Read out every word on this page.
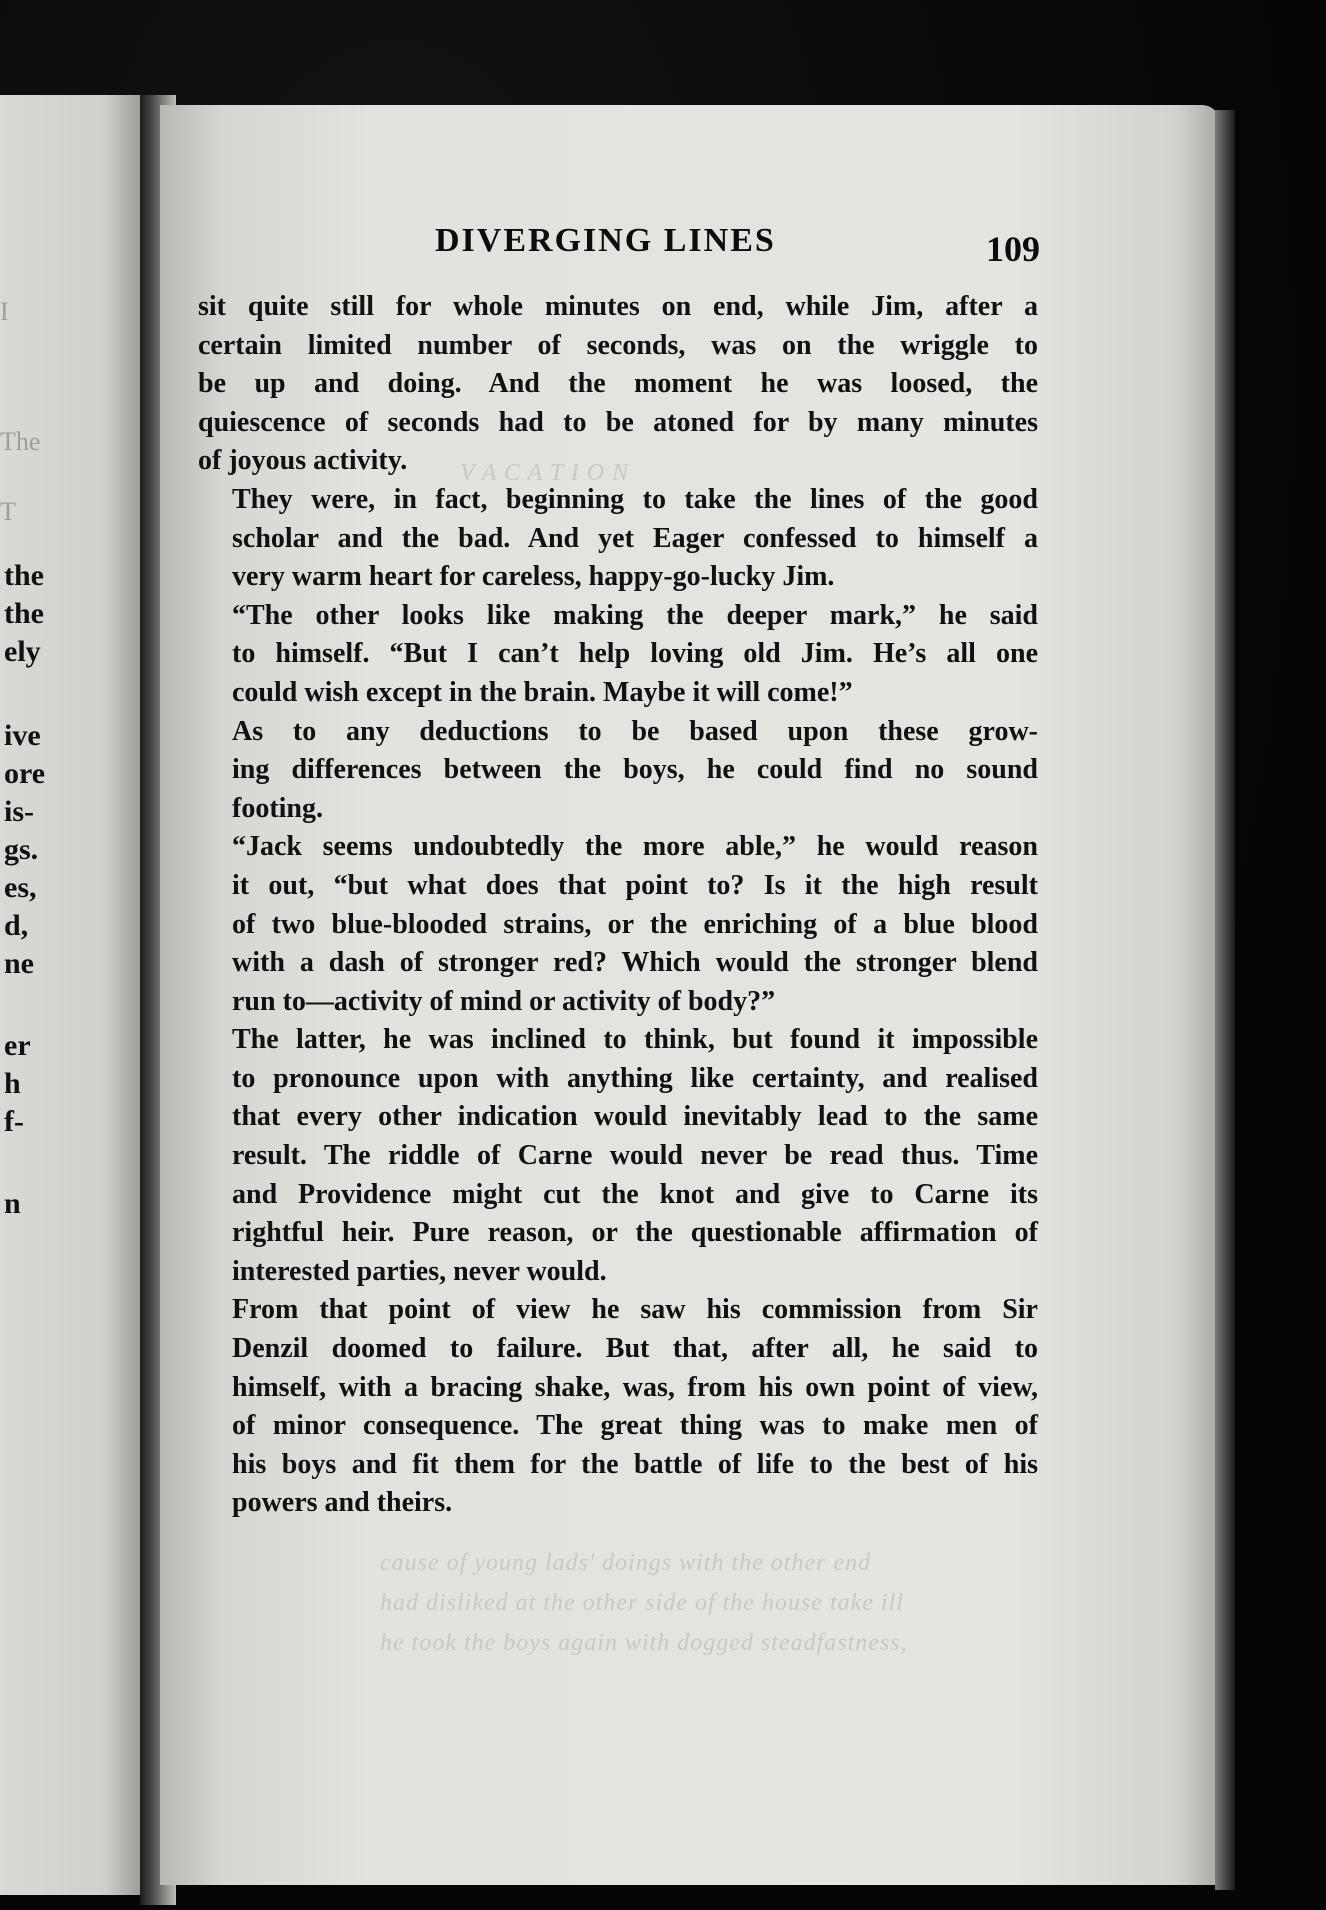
I
The
T
the
the
ely
ive
ore
is-
gs.
es,
d,
ne
er
h
f-
n
V A C A T I O N
cause of young lads' doings with the other end
had disliked at the other side of the house take ill
he took the boys again with dogged steadfastness,
DIVERGING LINES	109

sit quite still for whole minutes on end, while Jim, after a
certain limited number of seconds, was on the wriggle to
be up and doing. And the moment he was loosed, the
quiescence of seconds had to be atoned for by many minutes
of joyous activity.

They were, in fact, beginning to take the lines of the good
scholar and the bad. And yet Eager confessed to himself a
very warm heart for careless, happy-go-lucky Jim.

“The other looks like making the deeper mark,” he said
to himself. “But I can’t help loving old Jim. He’s all one
could wish except in the brain. Maybe it will come!”

As to any deductions to be based upon these grow-
ing differences between the boys, he could find no sound
footing.

“Jack seems undoubtedly the more able,” he would reason
it out, “but what does that point to? Is it the high result
of two blue-blooded strains, or the enriching of a blue blood
with a dash of stronger red? Which would the stronger blend
run to—activity of mind or activity of body?”

The latter, he was inclined to think, but found it impossible
to pronounce upon with anything like certainty, and realised
that every other indication would inevitably lead to the same
result. The riddle of Carne would never be read thus. Time
and Providence might cut the knot and give to Carne its
rightful heir. Pure reason, or the questionable affirmation of
interested parties, never would.

From that point of view he saw his commission from Sir
Denzil doomed to failure. But that, after all, he said to
himself, with a bracing shake, was, from his own point of view,
of minor consequence. The great thing was to make men of
his boys and fit them for the battle of life to the best of his
powers and theirs.
